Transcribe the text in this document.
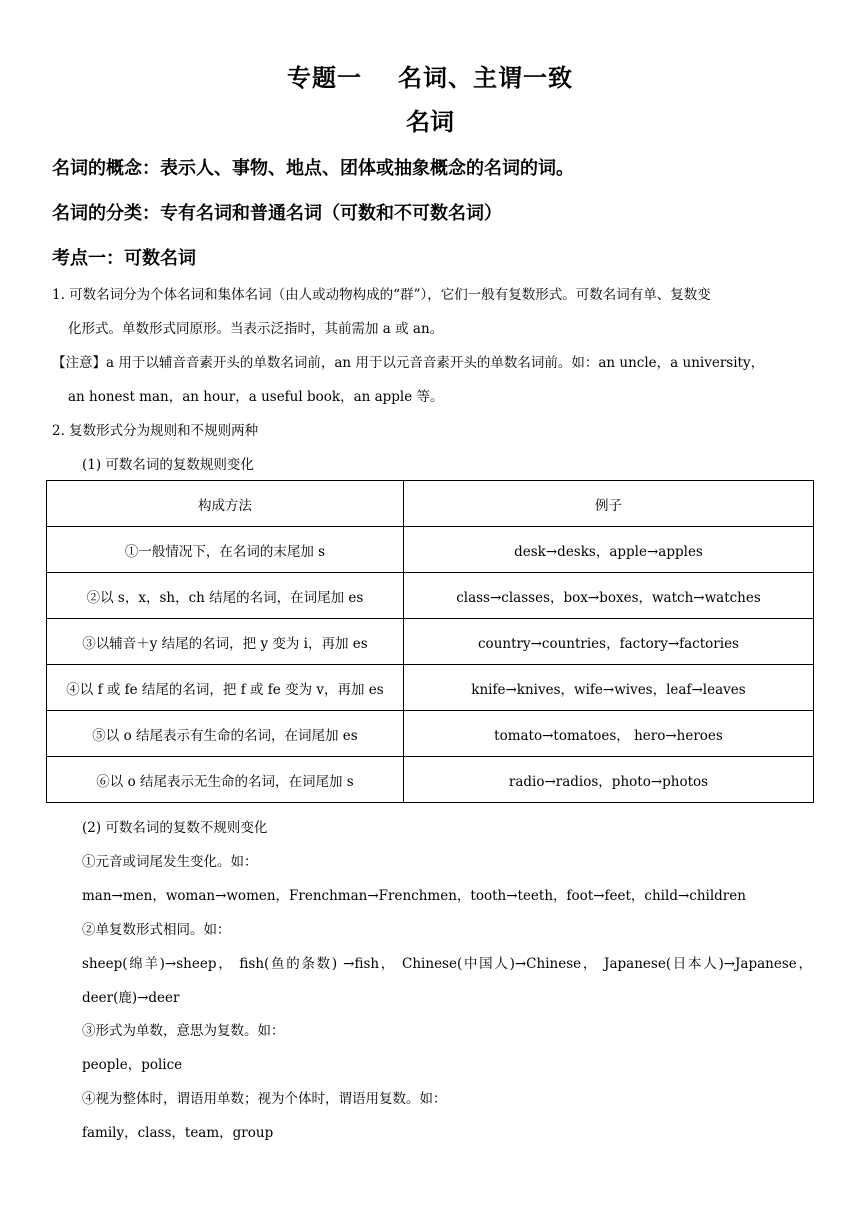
专题一 名词、主谓一致
名词
名词的概念：表示人、事物、地点、团体或抽象概念的名词的词。
名词的分类：专有名词和普通名词（可数和不可数名词）
考点一：可数名词
1. 可数名词分为个体名词和集体名词（由人或动物构成的“群”），它们一般有复数形式。可数名词有单、复数变
化形式。单数形式同原形。当表示泛指时，其前需加 a 或 an。
【注意】a 用于以辅音音素开头的单数名词前，an 用于以元音音素开头的单数名词前。如：an uncle，a university，
an honest man，an hour，a useful book，an apple 等。
2. 复数形式分为规则和不规则两种
(1) 可数名词的复数规则变化
构成方法	例子
①一般情况下，在名词的末尾加 s	desk→desks，apple→apples
②以 s，x，sh，ch 结尾的名词，在词尾加 es	class→classes，box→boxes，watch→watches
③以辅音＋y 结尾的名词，把 y 变为 i，再加 es	country→countries，factory→factories
④以 f 或 fe 结尾的名词，把 f 或 fe 变为 v，再加 es	knife→knives，wife→wives，leaf→leaves
⑤以 o 结尾表示有生命的名词，在词尾加 es	tomato→tomatoes， hero→heroes
⑥以 o 结尾表示无生命的名词，在词尾加 s	radio→radios，photo→photos
(2) 可数名词的复数不规则变化
①元音或词尾发生变化。如：
man→men，woman→women，Frenchman→Frenchmen，tooth→teeth，foot→feet，child→children
②单复数形式相同。如：
sheep(绵羊)→sheep， fish(鱼的条数) →fish， Chinese(中国人)→Chinese， Japanese(日本人)→Japanese，
deer(鹿)→deer
③形式为单数，意思为复数。如：
people，police
④视为整体时，谓语用单数；视为个体时，谓语用复数。如：
family，class，team，group
